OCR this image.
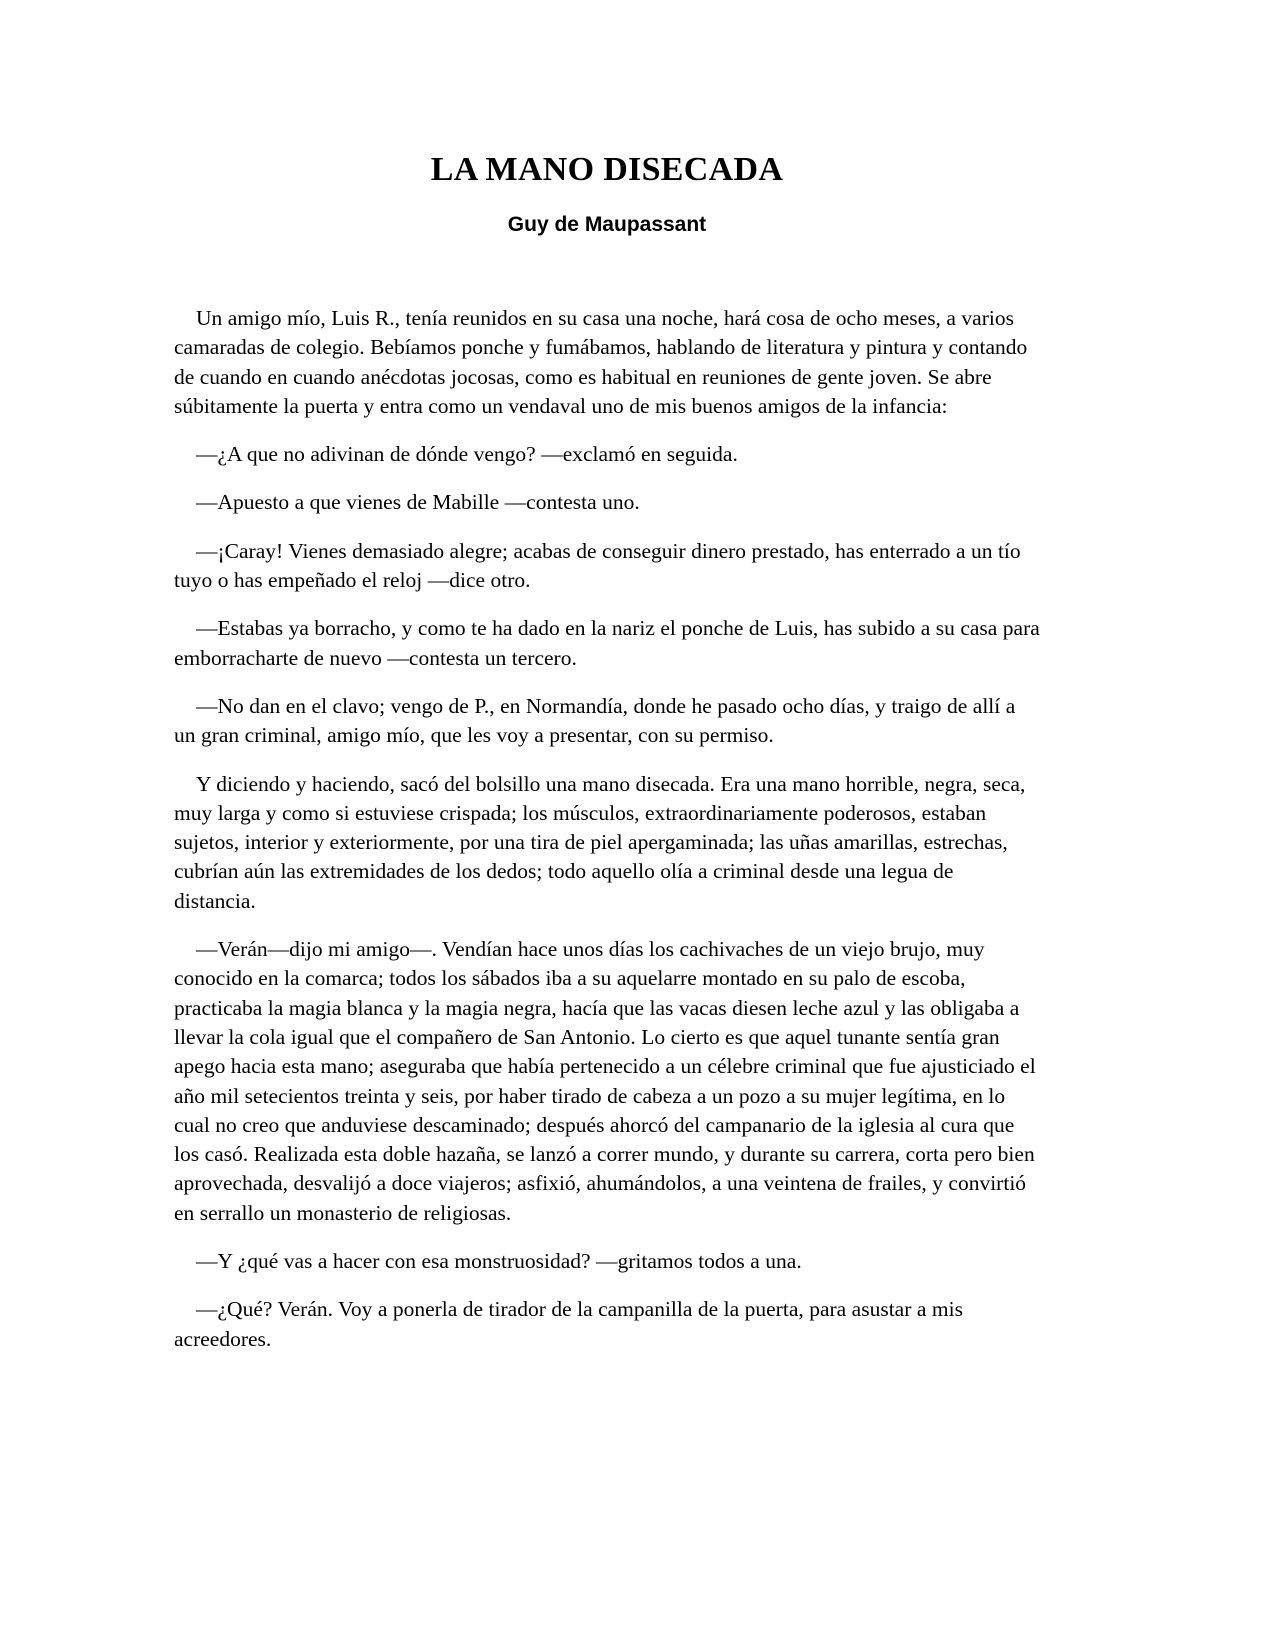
LA MANO DISECADA
Guy de Maupassant

Un amigo mío, Luis R., tenía reunidos en su casa una noche, hará cosa de ocho meses, a varios camaradas de colegio. Bebíamos ponche y fumábamos, hablando de literatura y pintura y contando de cuando en cuando anécdotas jocosas, como es habitual en reuniones de gente joven. Se abre súbitamente la puerta y entra como un vendaval uno de mis buenos amigos de la infancia:

—¿A que no adivinan de dónde vengo? —exclamó en seguida.

—Apuesto a que vienes de Mabille —contesta uno.

—¡Caray! Vienes demasiado alegre; acabas de conseguir dinero prestado, has enterrado a un tío tuyo o has empeñado el reloj —dice otro.

—Estabas ya borracho, y como te ha dado en la nariz el ponche de Luis, has subido a su casa para emborracharte de nuevo —contesta un tercero.

—No dan en el clavo; vengo de P., en Normandía, donde he pasado ocho días, y traigo de allí a un gran criminal, amigo mío, que les voy a presentar, con su permiso.

Y diciendo y haciendo, sacó del bolsillo una mano disecada. Era una mano horrible, negra, seca, muy larga y como si estuviese crispada; los músculos, extraordinariamente poderosos, estaban sujetos, interior y exteriormente, por una tira de piel apergaminada; las uñas amarillas, estrechas, cubrían aún las extremidades de los dedos; todo aquello olía a criminal desde una legua de distancia.

—Verán—dijo mi amigo—. Vendían hace unos días los cachivaches de un viejo brujo, muy conocido en la comarca; todos los sábados iba a su aquelarre montado en su palo de escoba, practicaba la magia blanca y la magia negra, hacía que las vacas diesen leche azul y las obligaba a llevar la cola igual que el compañero de San Antonio. Lo cierto es que aquel tunante sentía gran apego hacia esta mano; aseguraba que había pertenecido a un célebre criminal que fue ajusticiado el año mil setecientos treinta y seis, por haber tirado de cabeza a un pozo a su mujer legítima, en lo cual no creo que anduviese descaminado; después ahorcó del campanario de la iglesia al cura que los casó. Realizada esta doble hazaña, se lanzó a correr mundo, y durante su carrera, corta pero bien aprovechada, desvalijó a doce viajeros; asfixió, ahumándolos, a una veintena de frailes, y convirtió en serrallo un monasterio de religiosas.

—Y ¿qué vas a hacer con esa monstruosidad? —gritamos todos a una.

—¿Qué? Verán. Voy a ponerla de tirador de la campanilla de la puerta, para asustar a mis acreedores.
